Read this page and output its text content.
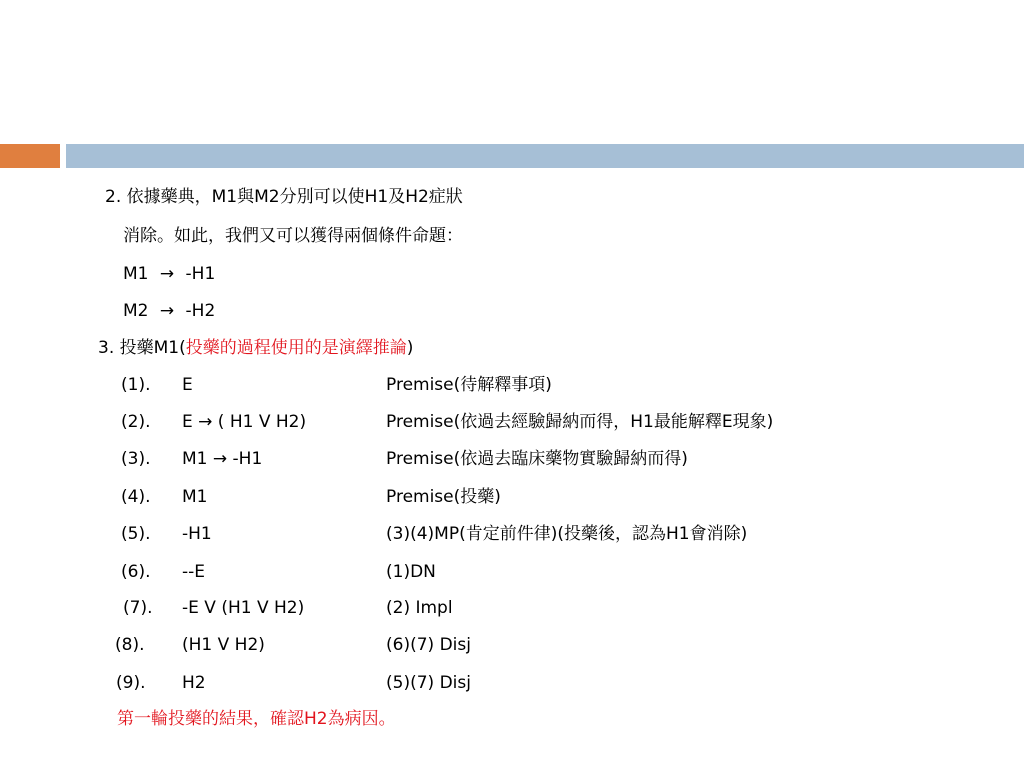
2. 依據藥典，M1與M2分別可以使H1及H2症狀
消除。如此，我們又可以獲得兩個條件命題：
M1 → -H1
M2 → -H2
3. 投藥M1(投藥的過程使用的是演繹推論)
(1). E	Premise(待解釋事項)
(2). E → ( H1 V H2)	Premise(依過去經驗歸納而得，H1最能解釋E現象)
(3). M1 → -H1	Premise(依過去臨床藥物實驗歸納而得)
(4). M1	Premise(投藥)
(5). -H1	(3)(4)MP(肯定前件律)(投藥後，認為H1會消除)
(6). --E	(1)DN
(7). -E V (H1 V H2)	(2) Impl
(8). (H1 V H2)	(6)(7) Disj
(9). H2	(5)(7) Disj
第一輪投藥的結果，確認H2為病因。
